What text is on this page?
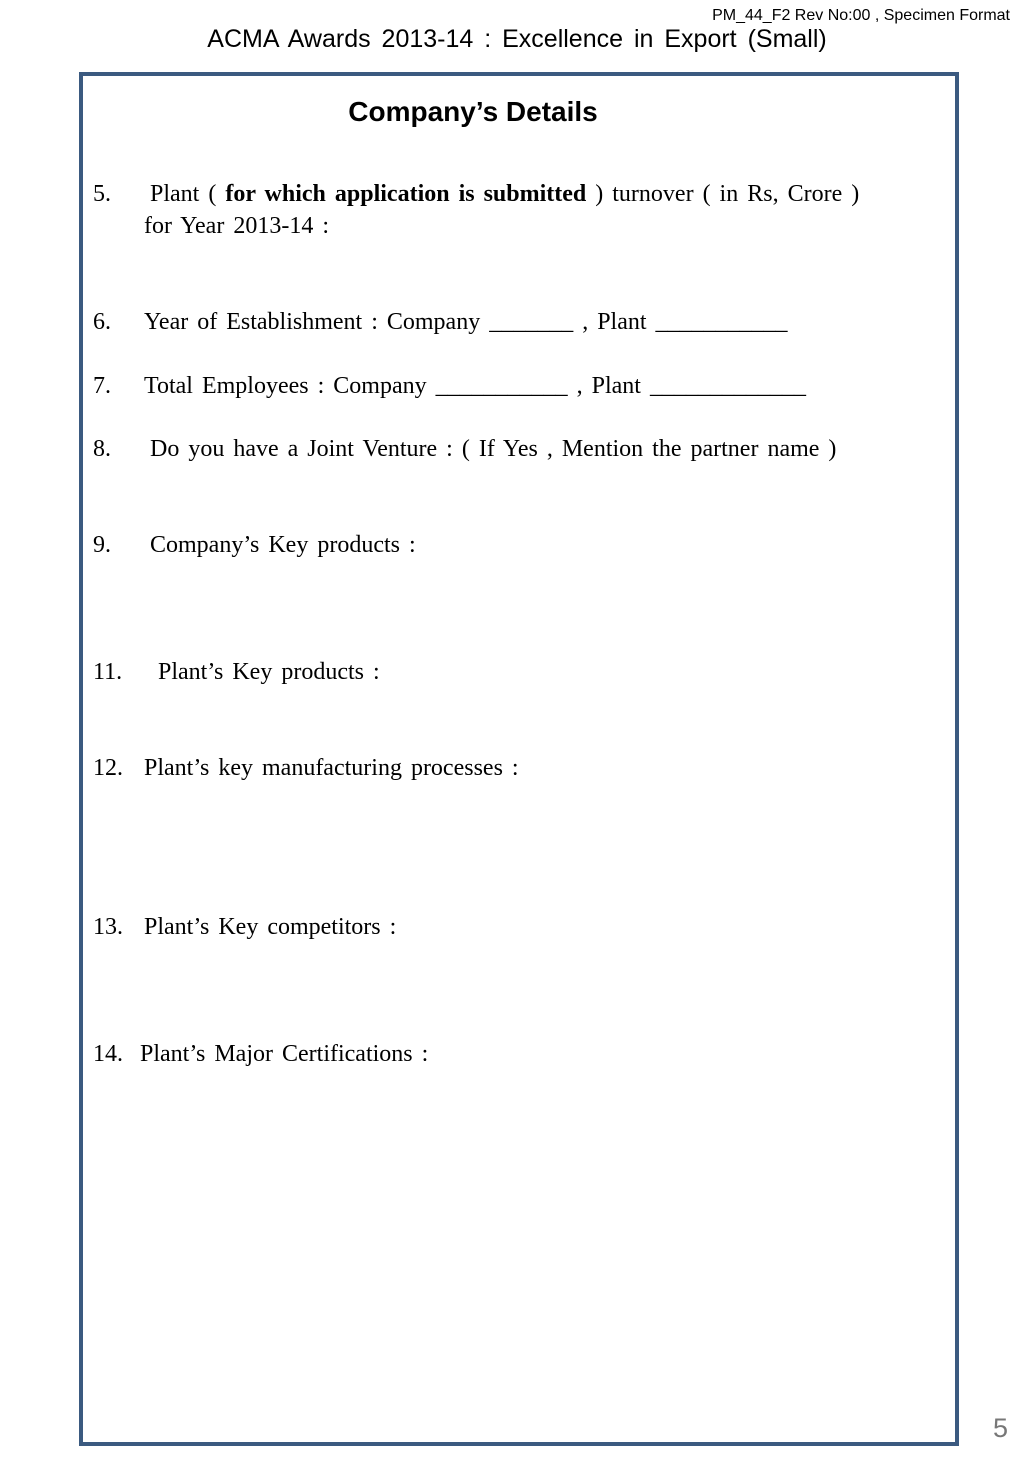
PM_44_F2 Rev No:00 , Specimen Format
ACMA Awards 2013-14 : Excellence in Export (Small)
Company’s Details
5. Plant ( for which application is submitted ) turnover ( in Rs, Crore )
for Year 2013-14 :
6. Year of Establishment : Company _______ , Plant ___________
7. Total Employees : Company ___________ , Plant _____________
8. Do you have a Joint Venture : ( If Yes , Mention the partner name )
9. Company’s Key products :
11. Plant’s Key products :
12. Plant’s key manufacturing processes :
13. Plant’s Key competitors :
14. Plant’s Major Certifications :
5
